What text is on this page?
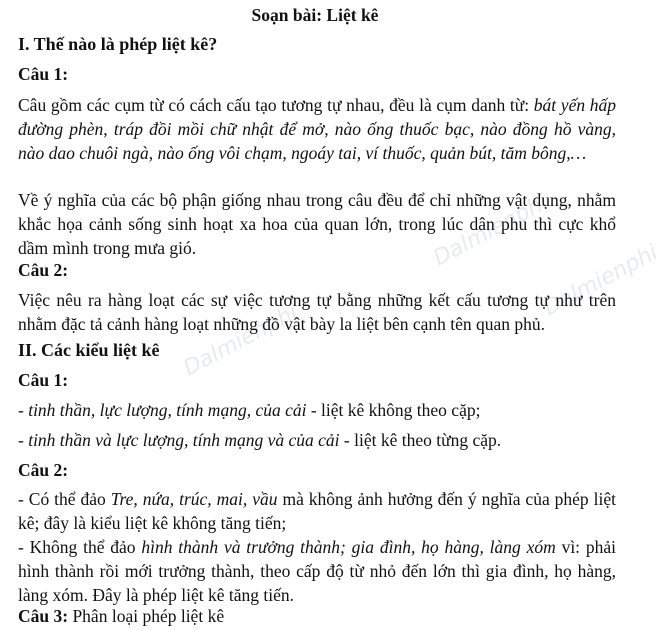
Dalmienphi
Dalmienphi
Dalmienphi
Soạn bài: Liệt kê
I. Thế nào là phép liệt kê?
Câu 1:
Câu gồm các cụm từ có cách cấu tạo tương tự nhau, đều là cụm danh từ: bát yến hấp đường phèn, tráp đồi mồi chữ nhật để mở, nào ống thuốc bạc, nào đồng hồ vàng, nào dao chuôi ngà, nào ống vôi chạm, ngoáy tai, ví thuốc, quản bút, tăm bông,…
Về ý nghĩa của các bộ phận giống nhau trong câu đều để chỉ những vật dụng, nhằm khắc họa cảnh sống sinh hoạt xa hoa của quan lớn, trong lúc dân phu thì cực khổ dầm mình trong mưa gió.
Câu 2:
Việc nêu ra hàng loạt các sự việc tương tự bằng những kết cấu tương tự như trên nhằm đặc tả cảnh hàng loạt những đồ vật bày la liệt bên cạnh tên quan phủ.
II. Các kiểu liệt kê
Câu 1:
- tinh thần, lực lượng, tính mạng, của cải - liệt kê không theo cặp;
- tinh thần và lực lượng, tính mạng và của cải - liệt kê theo từng cặp.
Câu 2:
- Có thể đảo Tre, nứa, trúc, mai, vầu mà không ảnh hưởng đến ý nghĩa của phép liệt kê; đây là kiểu liệt kê không tăng tiến;
- Không thể đảo hình thành và trưởng thành; gia đình, họ hàng, làng xóm vì: phải hình thành rồi mới trưởng thành, theo cấp độ từ nhỏ đến lớn thì gia đình, họ hàng, làng xóm. Đây là phép liệt kê tăng tiến.
Câu 3: Phân loại phép liệt kê
